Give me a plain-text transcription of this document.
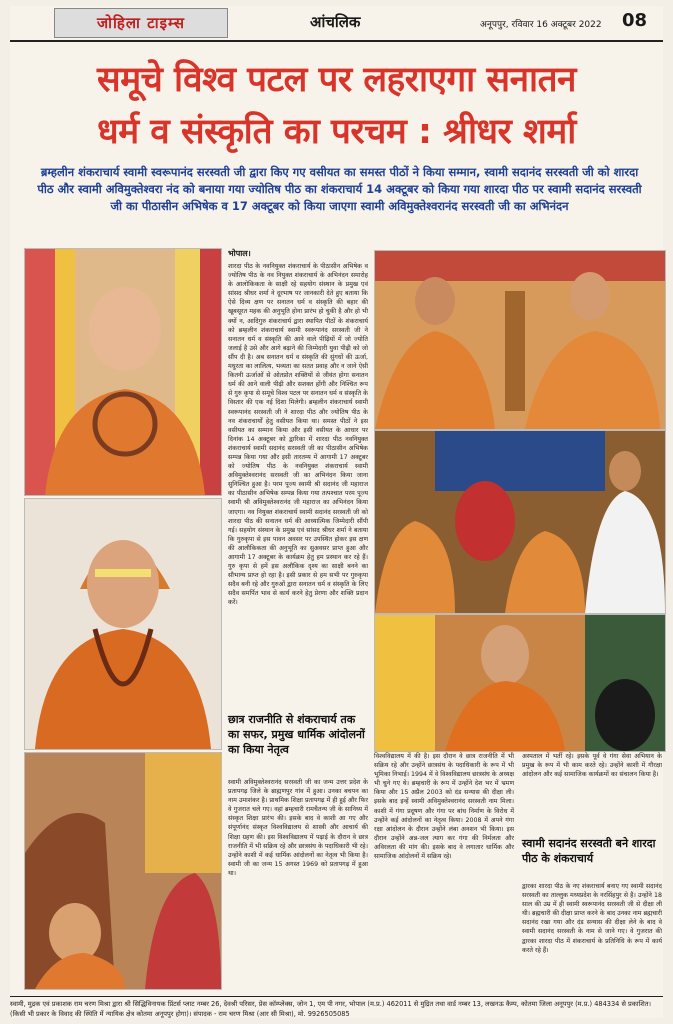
जोहिला टाइम्स	आंचलिक	अनूपपुर, रविवार 16 अक्टूबर 2022 08
समूचे विश्व पटल पर लहराएगा सनातन
धर्म व संस्कृति का परचम : श्रीधर शर्मा
ब्रम्हलीन शंकराचार्य स्वामी स्वरूपानंद सरस्वती जी द्वारा किए गए वसीयत का समस्त पीठों ने किया सम्मान, स्वामी सदानंद सरस्वती जी को शारदा पीठ और स्वामी अविमुक्तेश्वरा नंद को बनाया गया ज्योतिष पीठ का शंकराचार्य 14 अक्टूबर को किया गया शारदा पीठ पर स्वामी सदानंद सरस्वती जी का पीठासीन अभिषेक व 17 अक्टूबर को किया जाएगा स्वामी अविमुक्तेश्वरानंद सरस्वती जी का अभिनंदन
भोपाल।
शारदा पीठ के नवनियुक्त शंकराचार्य के पीठासीन अभिषेक व ज्योतिष पीठ के नव नियुक्त शंकराचार्य के अभिनंदन समारोह के आलोकिकता के साक्षी रहे सहयोग संस्थान के प्रमुख एवं सांसद श्रीधर शर्मा ने दूरभाष पर जानकारी देते हुए बताया कि ऐसे दिव्य क्षण पर सनातन धर्म व संस्कृति की बहार की खूबसूरत महक की अनुभूति होना प्रारंभ हो चुकी है और हो भी क्यों न, आदिगुरु शंकराचार्य द्वारा स्थापित पीठों के शंकराचार्य को ब्रम्हलीन शंकराचार्य स्वामी स्वरूपानंद सरस्वती जी ने सनातन धर्म व संस्कृति की आने वाले पीढ़ियों में जो ज्योति जलाई है उसे और आगे बढ़ाने की जिम्मेदारी युवा पीढ़ी को जो सौंप दी है। अब सनातन धर्म व संस्कृति की सुंगधों की ऊर्जा, मधुरता का लालित्य, भव्यता का सतत प्रवाह और न जाने ऐसी कितनी ऊर्जाओं से ओतप्रोत शक्तियों से जीवंत होगा सनातन धर्म की आने वाली पीढ़ी और सशक्त होंगी और निश्चित रूप से गुरु कृपा से समूचे विश्व पटल पर सनातन धर्म व संस्कृति के विस्तार की एक नई दिशा मिलेगी। ब्रम्हलीन शंकराचार्य स्वामी स्वरूपानंद सरस्वती जी ने शारदा पीठ और ज्योतिष पीठ के नव शंकराचार्यों हेतु वसीयत किया था। समस्त पीठों ने इस वसीयत का सम्मान किया और इसी वसीयत के आधार पर दिनांक 14 अक्टूबर को द्वारिका में शारदा पीठ नवनियुक्त शंकराचार्य स्वामी सदानंद सरस्वती जी का पीठासीन अभिषेक सम्पन्न किया गया और इसी तारतम्य में आगामी 17 अक्टूबर को ज्योतिष पीठ के नवनियुक्त शंकराचार्य स्वामी अविमुक्तेश्वरानंद सरस्वती जी का अभिनंदन किया जाना सुनिश्चित हुआ है। परम पूज्य स्वामी श्री सदानंद जी महाराज का पीठासीन अभिषेक सम्पन्न किया गया तत्पश्चात परम पूज्य स्वामी श्री अविमुक्तेश्वरानंद जी महाराज का अभिनंदन किया जाएगा। नव नियुक्त शंकराचार्य स्वामी सदानंद सरस्वती जी को शारदा पीठ की सनातन धर्म की आध्यात्मिक जिम्मेदारी सौंपी गई। सहयोग संस्थान के प्रमुख एवं सांसद श्रीधर शर्मा ने बताया कि गुरुकृपा से इस पावन अवसर पर उपस्थित होकर इस क्षण की आलौकिकता की अनुभूति का सुअवसर प्राप्त हुआ और आगामी 17 अक्टूबर के कार्यक्रम हेतु हम प्रस्थान कर रहे हैं। गुरु कृपा से हमें इस अलौकिक दृश्य का साक्षी बनने का सौभाग्य प्राप्त हो रहा है। इसी प्रकार से हम सभी पर गुरुकृपा सदैव बनी रहे और गुरुओं द्वारा सनातन धर्म व संस्कृति के लिए सदैव समर्पित भाव से कार्य करने हेतु प्रेरणा और शक्ति प्रदान करें।
छात्र राजनीति से शंकराचार्य तक का सफर, प्रमुख धार्मिक आंदोलनों का किया नेतृत्व
स्वामी अविमुक्तेश्वरानंद सरस्वती जी का जन्म उत्तर प्रदेश के प्रतापगढ़ जिले के ब्राह्मणपुर गांव में हुआ। उनका बचपन का नाम उमाशंकर है। प्राथमिक शिक्षा प्रतापगढ़ में ही हुई और फिर वे गुजरात चले गए। वहां ब्रम्हचारी रामचैतन्य जी के सानिध्य में संस्कृत शिक्षा प्रारंभ की। इसके बाद वे काशी आ गए और संपूर्णानंद संस्कृत विश्वविद्यालय से शास्त्री और आचार्य की शिक्षा ग्रहण की। इस विश्वविद्यालय में पढ़ाई के दौरान वे छात्र राजनीति में भी सक्रिय रहे और छात्रसंघ के पदाधिकारी भी रहे। उन्होंने काशी में कई धार्मिक आंदोलनों का नेतृत्व भी किया है। स्वामी जी का जन्म 15 अगस्त 1969 को प्रतापगढ़ में हुआ था।
विश्वविद्यालय में की है। इस दौरान वे छात्र राजनीति में भी सक्रिय रहे और उन्होंने छात्रसंघ के पदाधिकारी के रूप में भी भूमिका निभाई। 1994 में वे विश्वविद्यालय छात्रसंघ के अध्यक्ष भी चुने गए थे। ब्रम्हचारी के रूप में उन्होंने देश भर में भ्रमण किया और 15 अप्रैल 2003 को दंड सन्यास की दीक्षा ली। इसके बाद इन्हें स्वामी अविमुक्तेश्वरानंद सरस्वती नाम मिला। काशी में गंगा प्रदूषण और गंगा पर बांध निर्माण के विरोध में उन्होंने कई आंदोलनों का नेतृत्व किया। 2008 में अपने गंगा रक्षा आंदोलन के दौरान उन्होंने लंबा अनशन भी किया। इस दौरान उन्होंने अन्न-जल त्याग कर गंगा की निर्मलता और अविरलता की मांग की। इसके बाद वे लगातार धार्मिक और सामाजिक आंदोलनों में सक्रिय रहे।
अस्पताल में भर्ती रहे। इसके पूर्व वे गंगा सेवा अभियान के प्रमुख के रूप में भी काम करते रहे। उन्होंने काशी में गौरक्षा आंदोलन और कई सामाजिक कार्यक्रमों का संचालन किया है।
स्वामी सदानंद सरस्वती बने शारदा पीठ के शंकराचार्य
द्वारका शारदा पीठ के नए शंकराचार्य बनाए गए स्वामी सदानंद सरस्वती का ताल्लुक मध्यप्रदेश के नरसिंहपुर से है। उन्होंने 18 साल की उम्र में ही स्वामी स्वरूपानंद सरस्वती जी से दीक्षा ली थी। ब्रह्मचारी की दीक्षा प्राप्त करने के बाद उनका नाम ब्रह्मचारी सदानंद रखा गया और दंड सन्यास की दीक्षा लेने के बाद वे स्वामी सदानंद सरस्वती के नाम से जाने गए। वे गुजरात की द्वारका शारदा पीठ में शंकराचार्य के प्रतिनिधि के रूप में कार्य करते रहे हैं।
स्वामी, मुद्रक एवं प्रकाशक राम चरण मिश्रा द्वारा श्री सिद्धिविनायक प्रिंटर्स प्लाट नम्बर 26, देवश्री परिसर, प्रेस कॉम्प्लेक्स, जोन 1, एम पी नगर, भोपाल (म.प्र.) 462011 से मुद्रित तथा वार्ड नम्बर 13, लखनऊ कैम्प, कोतमा जिला अनूपपुर (म.प्र.) 484334 से प्रकाशित। (किसी भी प्रकार के विवाद की स्थिति में न्यायिक क्षेत्र कोतमा अनूपपुर होगा)। संपादक - राम चरण मिश्रा (आर सी मिश्रा), मो. 9926505085
